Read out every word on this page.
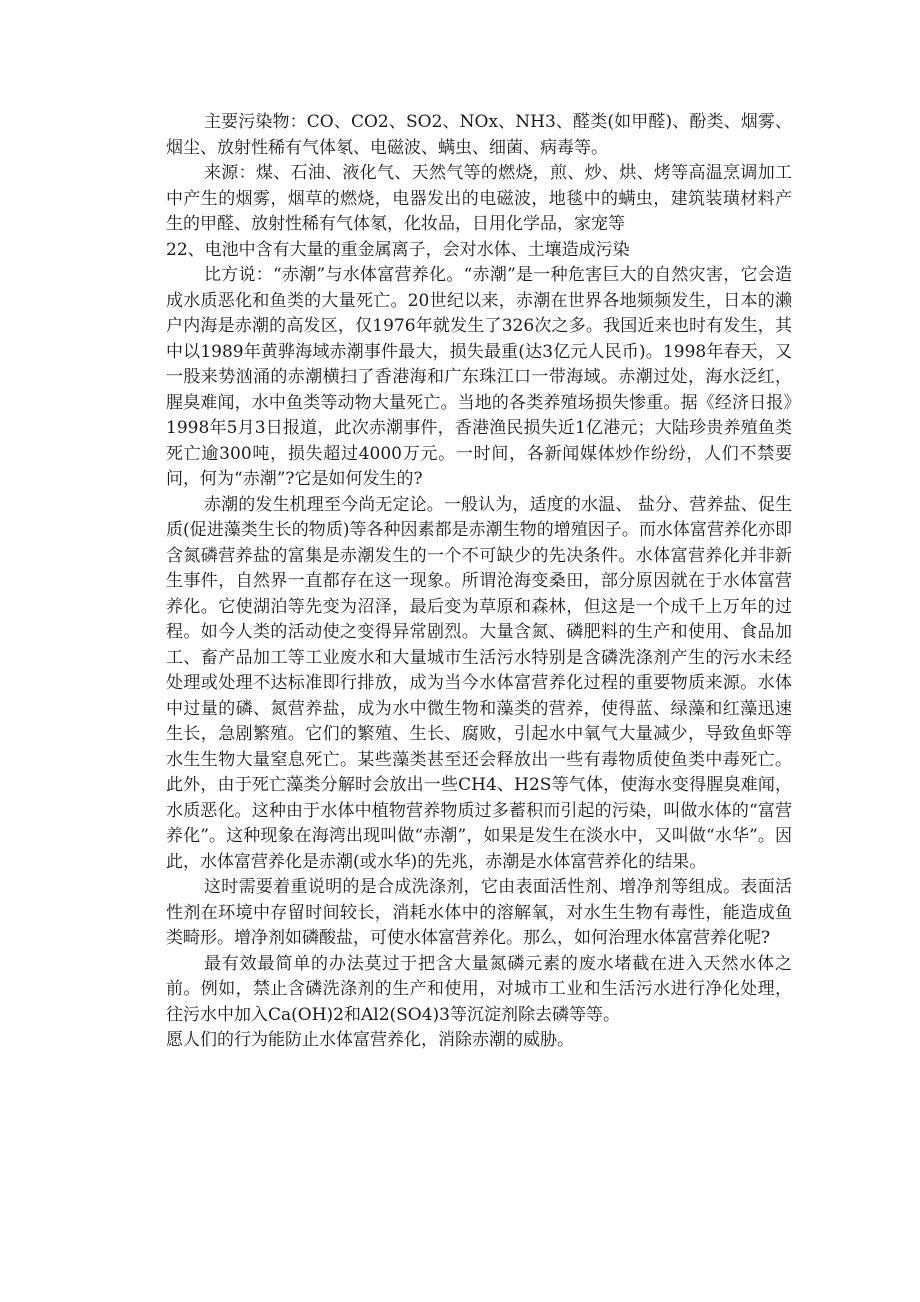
主要污染物：CO、CO2、SO2、NOx、NH3、醛类(如甲醛)、酚类、烟雾、烟尘、放射性稀有气体氡、电磁波、螨虫、细菌、病毒等。

来源：煤、石油、液化气、天然气等的燃烧，煎、炒、烘、烤等高温烹调加工中产生的烟雾，烟草的燃烧，电器发出的电磁波，地毯中的螨虫，建筑装璜材料产生的甲醛、放射性稀有气体氡，化妆品，日用化学品，家宠等

22、电池中含有大量的重金属离子，会对水体、土壤造成污染

比方说：“赤潮”与水体富营养化。“赤潮”是一种危害巨大的自然灾害，它会造成水质恶化和鱼类的大量死亡。20世纪以来，赤潮在世界各地频频发生，日本的濑户内海是赤潮的高发区，仅1976年就发生了326次之多。我国近来也时有发生，其中以1989年黄骅海域赤潮事件最大，损失最重(达3亿元人民币)。1998年春天，又一股来势汹涌的赤潮横扫了香港海和广东珠江口一带海域。赤潮过处，海水泛红，腥臭难闻，水中鱼类等动物大量死亡。当地的各类养殖场损失惨重。据《经济日报》1998年5月3日报道，此次赤潮事件，香港渔民损失近1亿港元；大陆珍贵养殖鱼类死亡逾300吨，损失超过4000万元。一时间，各新闻媒体炒作纷纷，人们不禁要问，何为“赤潮”?它是如何发生的?

赤潮的发生机理至今尚无定论。一般认为，适度的水温、 盐分、营养盐、促生质(促进藻类生长的物质)等各种因素都是赤潮生物的增殖因子。而水体富营养化亦即含氮磷营养盐的富集是赤潮发生的一个不可缺少的先决条件。水体富营养化并非新生事件，自然界一直都存在这一现象。所谓沧海变桑田，部分原因就在于水体富营养化。它使湖泊等先变为沼泽，最后变为草原和森林，但这是一个成千上万年的过程。如今人类的活动使之变得异常剧烈。大量含氮、磷肥料的生产和使用、食品加工、畜产品加工等工业废水和大量城市生活污水特别是含磷洗涤剂产生的污水未经处理或处理不达标准即行排放，成为当今水体富营养化过程的重要物质来源。水体中过量的磷、氮营养盐，成为水中微生物和藻类的营养，使得蓝、绿藻和红藻迅速生长，急剧繁殖。它们的繁殖、生长、腐败，引起水中氧气大量减少，导致鱼虾等水生生物大量窒息死亡。某些藻类甚至还会释放出一些有毒物质使鱼类中毒死亡。此外，由于死亡藻类分解时会放出一些CH4、H2S等气体，使海水变得腥臭难闻，水质恶化。这种由于水体中植物营养物质过多蓄积而引起的污染，叫做水体的“富营养化”。这种现象在海湾出现叫做“赤潮”，如果是发生在淡水中，又叫做“水华”。因此，水体富营养化是赤潮(或水华)的先兆，赤潮是水体富营养化的结果。

这时需要着重说明的是合成洗涤剂，它由表面活性剂、增净剂等组成。表面活性剂在环境中存留时间较长，消耗水体中的溶解氧，对水生生物有毒性，能造成鱼类畸形。增净剂如磷酸盐，可使水体富营养化。那么，如何治理水体富营养化呢?

最有效最简单的办法莫过于把含大量氮磷元素的废水堵截在进入天然水体之前。例如，禁止含磷洗涤剂的生产和使用，对城市工业和生活污水进行净化处理，往污水中加入Ca(OH)2和Al2(SO4)3等沉淀剂除去磷等等。

愿人们的行为能防止水体富营养化，消除赤潮的威胁。
